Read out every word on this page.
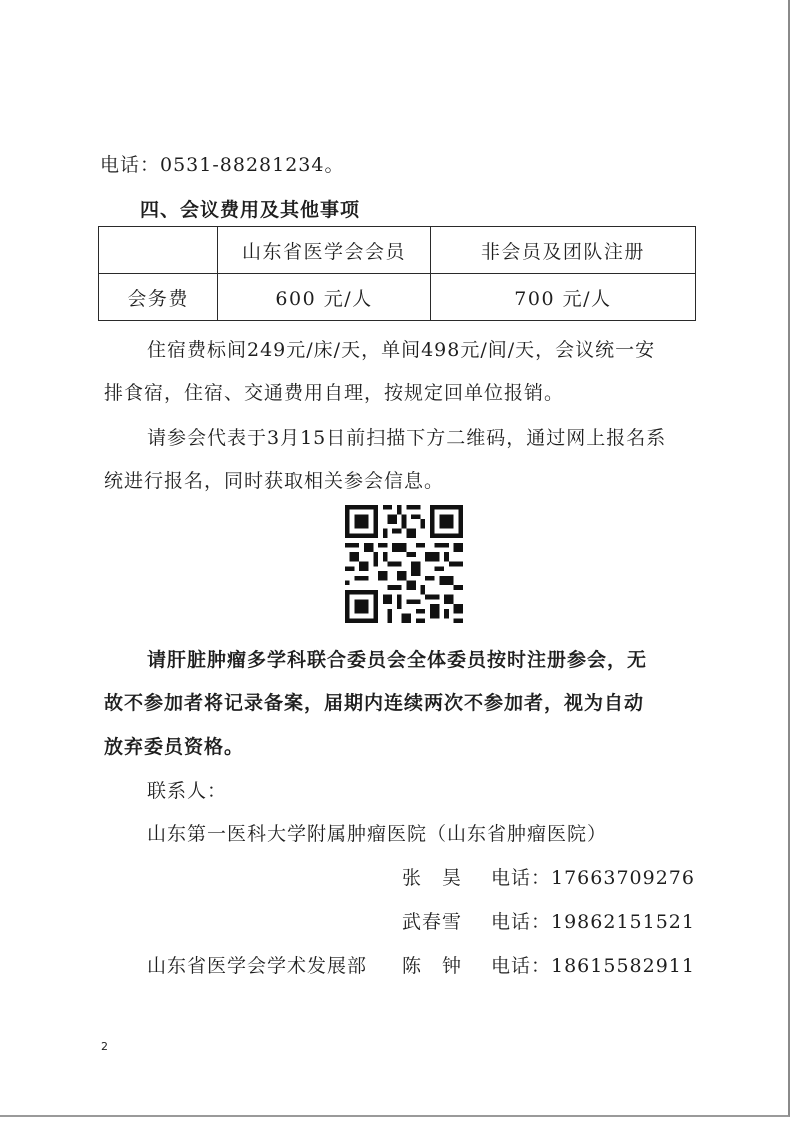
电话：0531-88281234。
四、会议费用及其他事项
	山东省医学会会员	非会员及团队注册
会务费	600 元/人	700 元/人
住宿费标间249元/床/天，单间498元/间/天，会议统一安
排食宿，住宿、交通费用自理，按规定回单位报销。
请参会代表于3月15日前扫描下方二维码，通过网上报名系
统进行报名，同时获取相关参会信息。
请肝脏肿瘤多学科联合委员会全体委员按时注册参会，无
故不参加者将记录备案，届期内连续两次不参加者，视为自动
放弃委员资格。
联系人：
山东第一医科大学附属肿瘤医院（山东省肿瘤医院）
张　昊 电话：17663709276
武春雪 电话：19862151521
山东省医学会学术发展部 陈　钟 电话：18615582911
2
